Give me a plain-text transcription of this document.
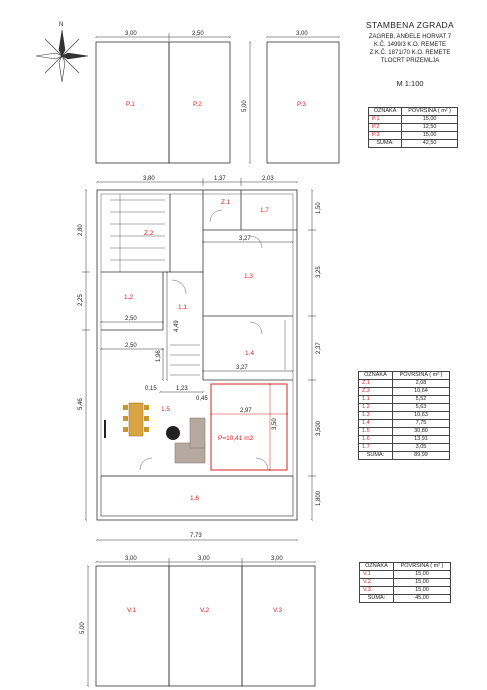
STAMBENA ZGRADA
ZAGREB, ANĐELE HORVAT 7
K.Č. 1499/3 K.O. REMETE
Z.K.Č. 1871/70 K.O. REMETE
TLOCRT PRIZEMLJA
M 1:100
OZNAKA	POVRŠINA ( m² )
P.1	15,00
P.2	12,50
P.3	15,00
SUMA:	42,50
OZNAKA	POVRŠINA ( m² )
Z.1	2,08
Z.2	10,64
1.1	5,52
1.2	5,63
1.3	10,63
1.4	7,75
1.5	30,80
1.6	13,91
1.7	3,05
SUMA:	89,99
OZNAKA	POVRŠINA ( m² )
V.1	15,00
V.2	15,00
V.3	15,00
SUMA:	45,00
N
3,00	2,50	3,00
5,00
P.1	P.2	P.3
P=10,41 m2
Z.1
1.7
Z.2
1.3
1.2
1.1
1.4
1.5
1.6
3,80	1,37	2,03
1,50
3,25
2,37
3,500
1,800
2,80
2,25
5,46
3,27
2,50
4,49
2,50
1,96
3,27
0,15	1,23
0,45
2,97
3,50
7,73
3,00	3,00	3,00
5,00
V.1	V.2	V.3
